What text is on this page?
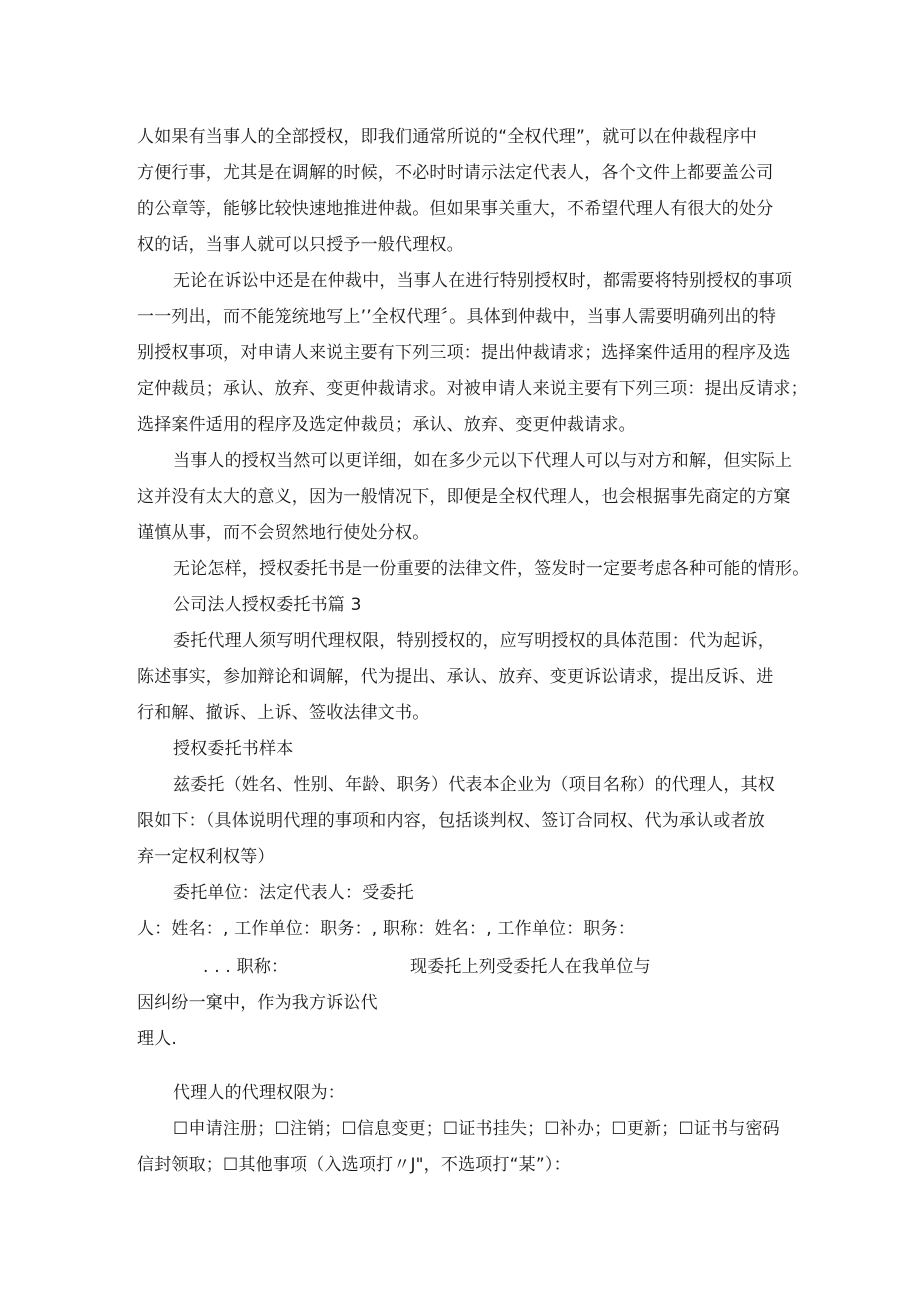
人如果有当事人的全部授权，即我们通常所说的“全权代理”，就可以在仲裁程序中
方便行事，尤其是在调解的时候，不必时时请示法定代表人，各个文件上都要盖公司
的公章等，能够比较快速地推进仲裁。但如果事关重大，不希望代理人有很大的处分
权的话，当事人就可以只授予一般代理权。
无论在诉讼中还是在仲裁中，当事人在进行特别授权时，都需要将特别授权的事项
一一列出，而不能笼统地写上’’全权代理〞。具体到仲裁中，当事人需要明确列出的特
别授权事项，对申请人来说主要有下列三项：提出仲裁请求；选择案件适用的程序及选
定仲裁员；承认、放弃、变更仲裁请求。对被申请人来说主要有下列三项：提出反请求；
选择案件适用的程序及选定仲裁员；承认、放弃、变更仲裁请求。
当事人的授权当然可以更详细，如在多少元以下代理人可以与对方和解，但实际上
这并没有太大的意义，因为一般情况下，即便是全权代理人，也会根据事先商定的方窠
谨慎从事，而不会贸然地行使处分权。
无论怎样，授权委托书是一份重要的法律文件，签发时一定要考虑各种可能的情形。
公司法人授权委托书篇 3
委托代理人须写明代理权限，特别授权的，应写明授权的具体范围：代为起诉，
陈述事实，参加辩论和调解，代为提出、承认、放弃、变更诉讼请求，提出反诉、进
行和解、撤诉、上诉、签收法律文书。
授权委托书样本
兹委托（姓名、性别、年龄、职务）代表本企业为（项目名称）的代理人，其权
限如下：（具体说明代理的事项和内容，包括谈判权、签订合同权、代为承认或者放
弃一定权利权等）
委托单位：法定代表人：受委托
人：姓名：, 工作单位：职务：, 职称：姓名：, 工作单位：职务：
. . . 职称：	现委托上列受委托人在我单位与
因纠纷一窠中，作为我方诉讼代
理人.
代理人的代理权限为：
☐申请注册；☐注销；☐信息变更；☐证书挂失；☐补办；☐更新；☐证书与密码
信封领取；☐其他事项（入选项打〃J"，不选项打“某”）：
